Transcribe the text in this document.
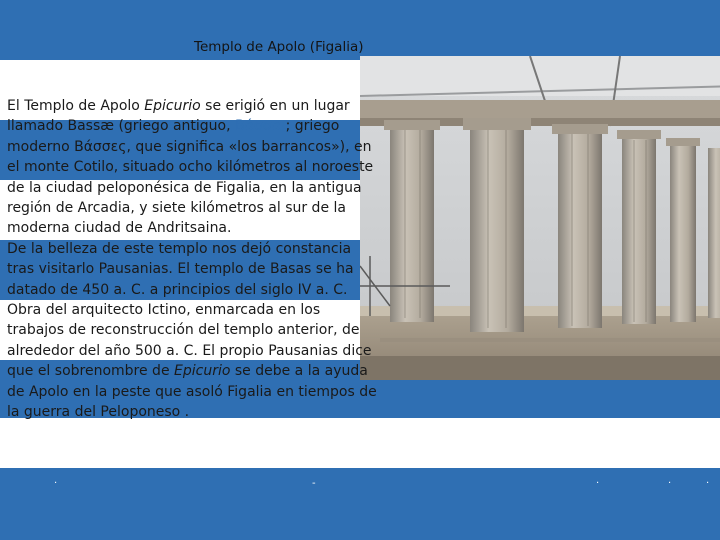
Templo de Apolo (Figalia)
El Templo de Apolo Epicurio se erigió en un lugar llamado Bassæ (griego antiguo, Βάσσαι; griego moderno Βάσσες, que significa «los barrancos»), en el monte Cotilo, situado ocho kilómetros al noroeste de la ciudad peloponésica de Figalia, en la antigua región de Arcadia, y siete kilómetros al sur de la moderna ciudad de Andritsaina.
De la belleza de este templo nos dejó constancia tras visitarlo Pausanias. El templo de Basas se ha datado de 450 a. C. a principios del siglo IV a. C. Obra del arquitecto Ictino, enmarcada en los trabajos de reconstrucción del templo anterior, de alrededor del año 500 a. C. El propio Pausanias dice que el sobrenombre de Epicurio se debe a la ayuda de Apolo en la peste que asoló Figalia en tiempos de la guerra del Peloponeso .
·	-	·	·	·
